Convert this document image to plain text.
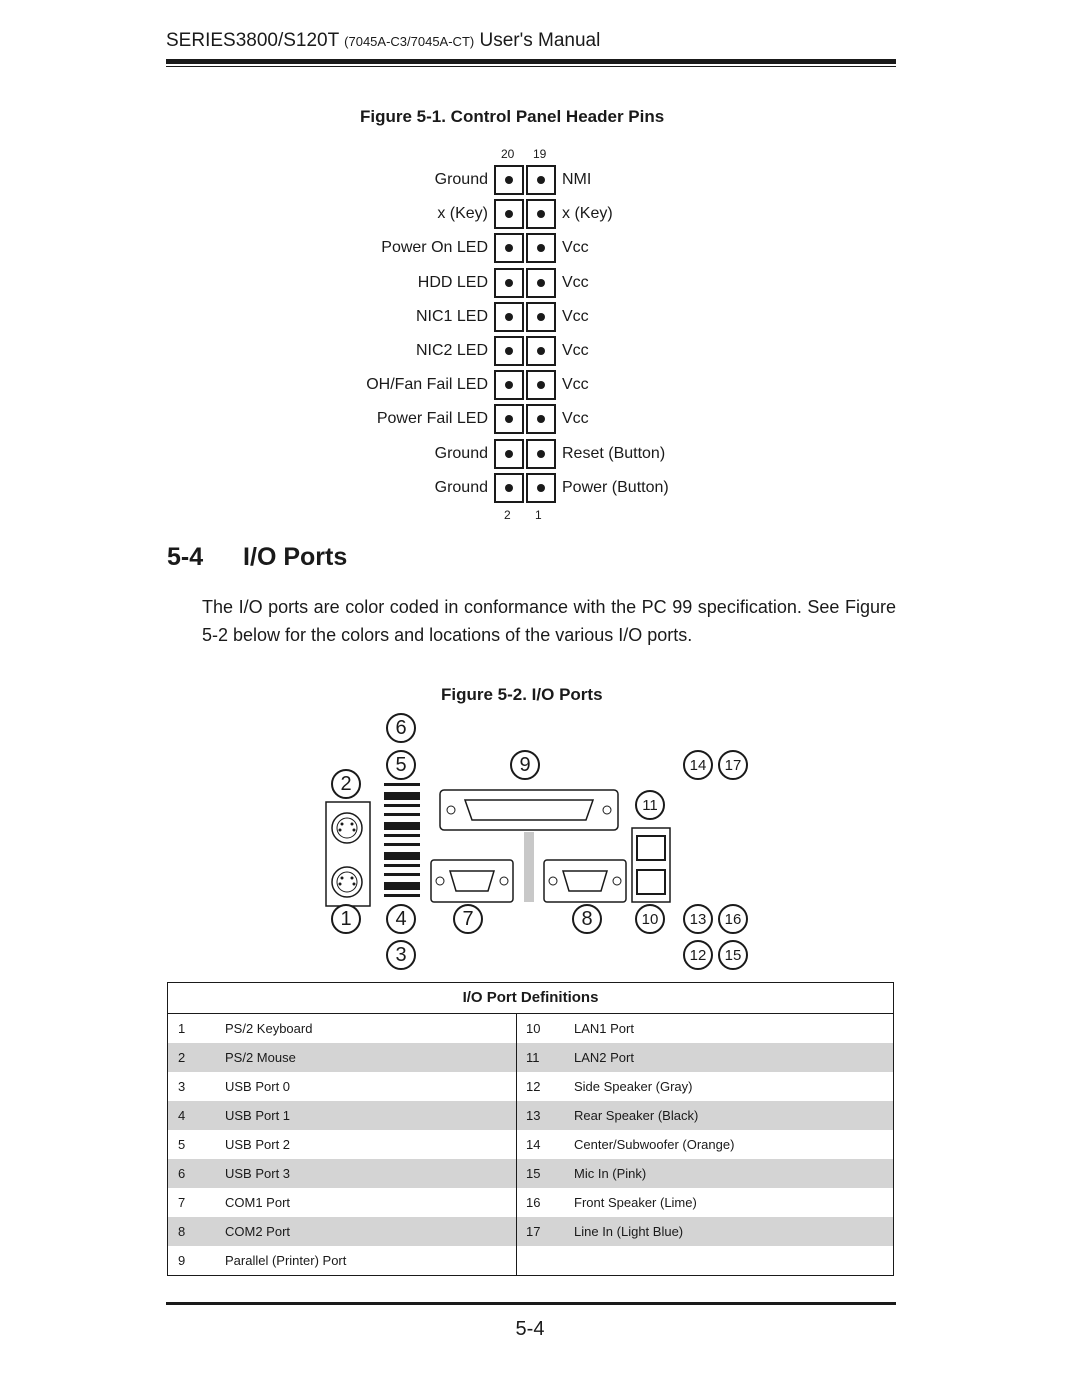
SERIES3800/S120T (7045A-C3/7045A-CT) User's Manual
Figure 5-1. Control Panel Header Pins
20 19
2 1
Ground	NMI
x (Key)	x (Key)
Power On LED	Vcc
HDD LED	Vcc
NIC1 LED	Vcc
NIC2 LED	Vcc
OH/Fan Fail LED	Vcc
Power Fail LED	Vcc
Ground	Reset (Button)
Ground	Power (Button)
5-4 I/O Ports
The I/O ports are color coded in conformance with the PC 99 specification. See Figure 5-2 below for the colors and locations of the various I/O ports.
Figure 5-2. I/O Ports
1
2
3
4
5
6
7	8
9
10
11
12
13
14
15
16
17
I/O Port Definitions
1	PS/2 Keyboard	10	LAN1 Port
2	PS/2 Mouse	11	LAN2 Port
3	USB Port 0	12	Side Speaker (Gray)
4	USB Port 1	13	Rear Speaker (Black)
5	USB Port 2	14	Center/Subwoofer (Orange)
6	USB Port 3	15	Mic In (Pink)
7	COM1 Port	16	Front Speaker (Lime)
8	COM2 Port	17	Line In (Light Blue)
9	Parallel (Printer) Port
5-4
